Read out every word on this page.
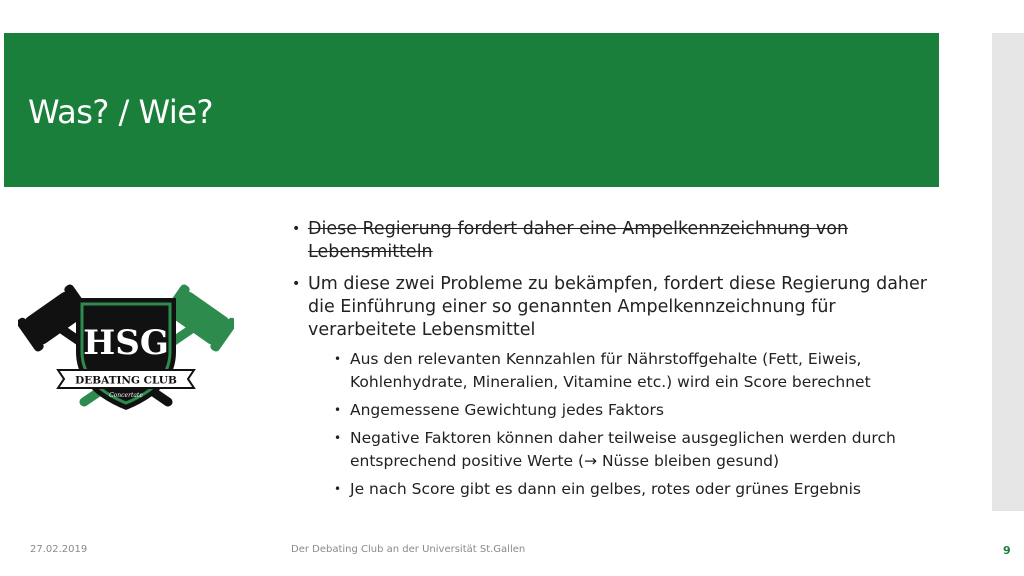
Was? / Wie?
HSG
DEBATING CLUB
Concertate
• Diese Regierung fordert daher eine Ampelkennzeichnung von Lebensmitteln
• Um diese zwei Probleme zu bekämpfen, fordert diese Regierung daher die Einführung einer so genannten Ampelkennzeichnung für verarbeitete Lebensmittel
• Aus den relevanten Kennzahlen für Nährstoffgehalte (Fett, Eiweis, Kohlenhydrate, Mineralien, Vitamine etc.) wird ein Score berechnet
• Angemessene Gewichtung jedes Faktors
• Negative Faktoren können daher teilweise ausgeglichen werden durch entsprechend positive Werte (→ Nüsse bleiben gesund)
• Je nach Score gibt es dann ein gelbes, rotes oder grünes Ergebnis
27.02.2019	Der Debating Club an der Universität St.Gallen	9
